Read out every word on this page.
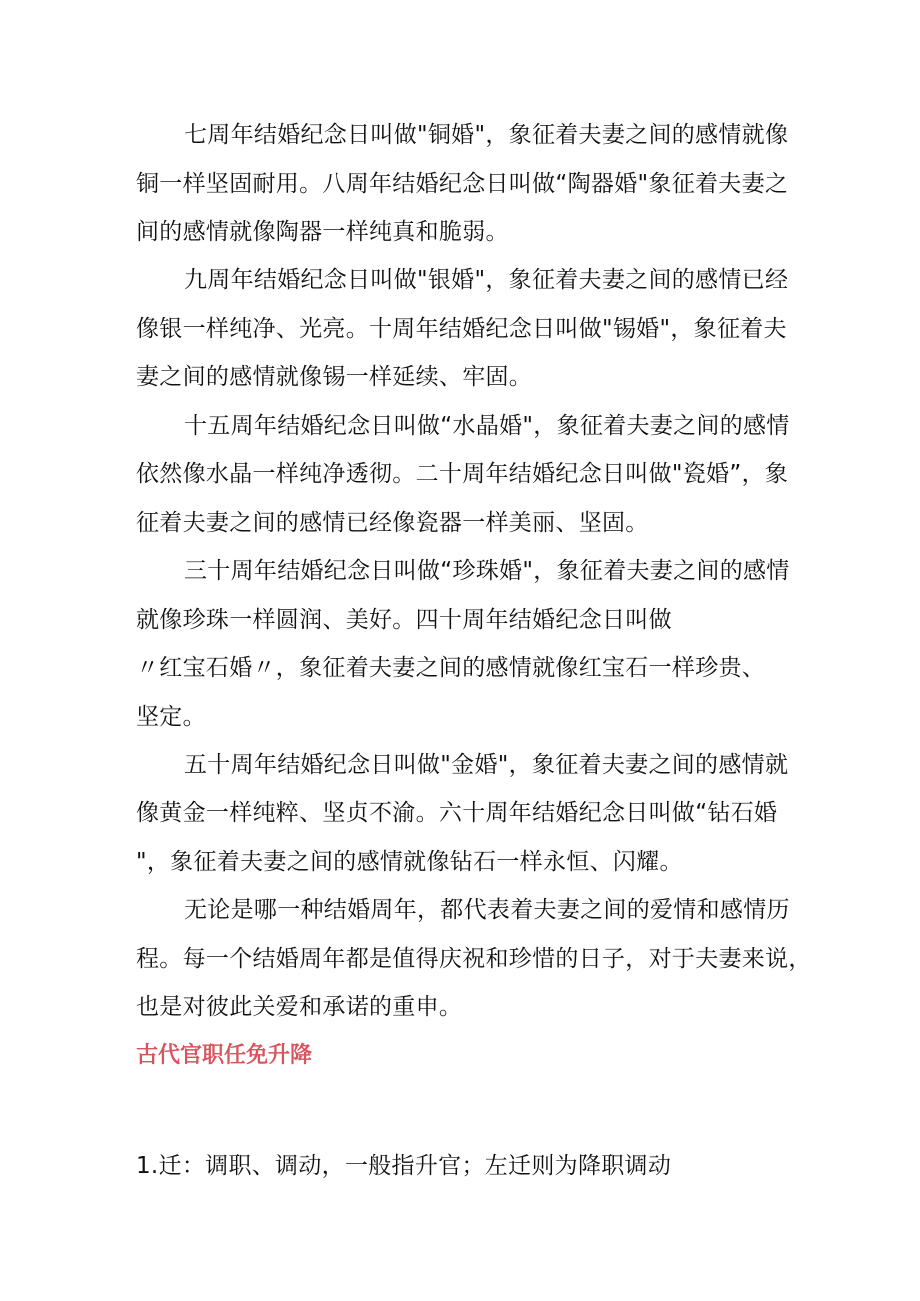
七周年结婚纪念日叫做"铜婚"，象征着夫妻之间的感情就像
铜一样坚固耐用。八周年结婚纪念日叫做“陶器婚"象征着夫妻之
间的感情就像陶器一样纯真和脆弱。
九周年结婚纪念日叫做"银婚"，象征着夫妻之间的感情已经
像银一样纯净、光亮。十周年结婚纪念日叫做"锡婚"，象征着夫
妻之间的感情就像锡一样延续、牢固。
十五周年结婚纪念日叫做“水晶婚"，象征着夫妻之间的感情
依然像水晶一样纯净透彻。二十周年结婚纪念日叫做"瓷婚”，象
征着夫妻之间的感情已经像瓷器一样美丽、坚固。
三十周年结婚纪念日叫做“珍珠婚"，象征着夫妻之间的感情
就像珍珠一样圆润、美好。四十周年结婚纪念日叫做
〃红宝石婚〃，象征着夫妻之间的感情就像红宝石一样珍贵、
坚定。
五十周年结婚纪念日叫做"金婚"，象征着夫妻之间的感情就
像黄金一样纯粹、坚贞不渝。六十周年结婚纪念日叫做“钻石婚
"，象征着夫妻之间的感情就像钻石一样永恒、闪耀。
无论是哪一种结婚周年，都代表着夫妻之间的爱情和感情历
程。每一个结婚周年都是值得庆祝和珍惜的日子，对于夫妻来说，
也是对彼此关爱和承诺的重申。
古代官职任免升降
1.迁：调职、调动，一般指升官；左迁则为降职调动
